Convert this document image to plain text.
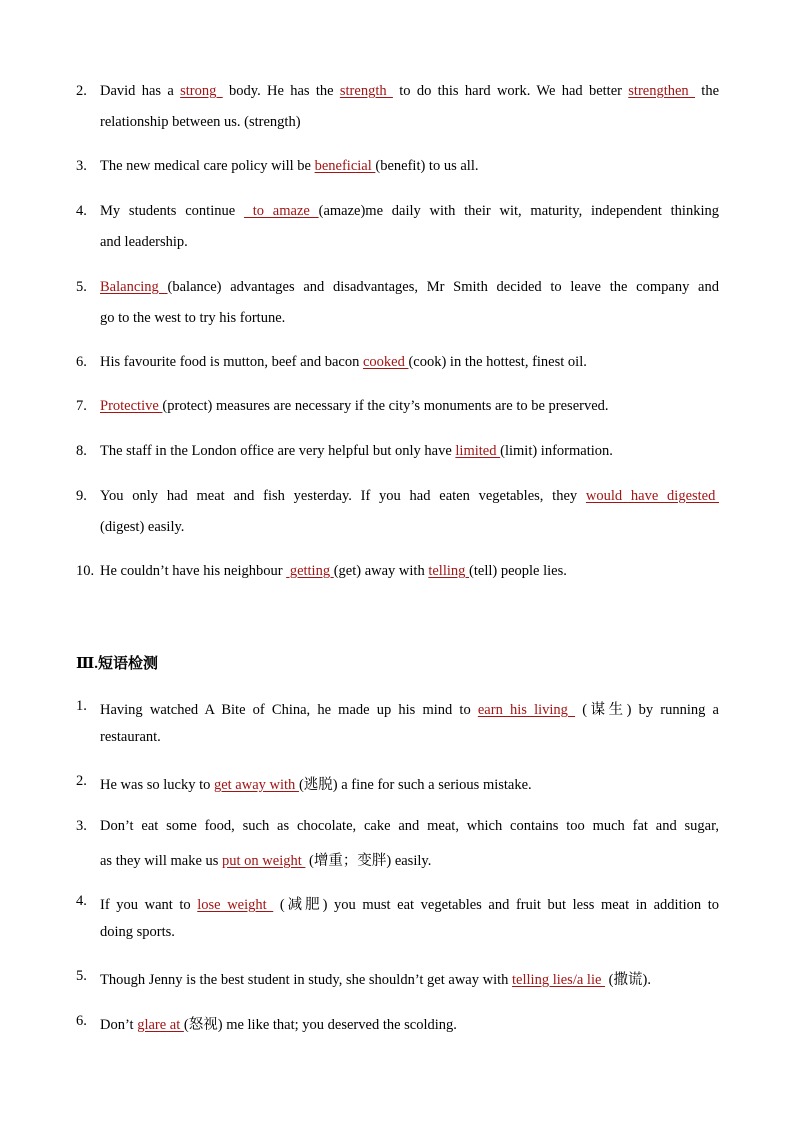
2. David has a strong  body. He has the strength  to do this hard work. We had better strengthen  the
relationship between us. (strength)
3. The new medical care policy will be beneficial (benefit) to us all.
4. My students continue  to amaze (amaze)me daily with their wit, maturity, independent thinking
and leadership.
5. Balancing (balance) advantages and disadvantages, Mr Smith decided to leave the company and
go to the west to try his fortune.
6. His favourite food is mutton, beef and bacon cooked (cook) in the hottest, finest oil.
7. Protective (protect) measures are necessary if the city’s monuments are to be preserved.
8. The staff in the London office are very helpful but only have limited (limit) information.
9. You only had meat and fish yesterday. If you had eaten vegetables, they would have digested
(digest) easily.
10. He couldn’t have his neighbour  getting (get) away with telling (tell) people lies.
Ⅲ.短语检测
1. Having watched A Bite of China, he made up his mind to earn his living  (谋生) by running a
restaurant.
2. He was so lucky to get away with (逃脱) a fine for such a serious mistake.
3. Don’t eat some food, such as chocolate, cake and meat, which contains too much fat and sugar,
as they will make us put on weight  (增重；变胖) easily.
4. If you want to lose weight  (减肥) you must eat vegetables and fruit but less meat in addition to
doing sports.
5. Though Jenny is the best student in study, she shouldn’t get away with telling lies/a lie  (撒谎).
6. Don’t glare at (怒视) me like that; you deserved the scolding.
